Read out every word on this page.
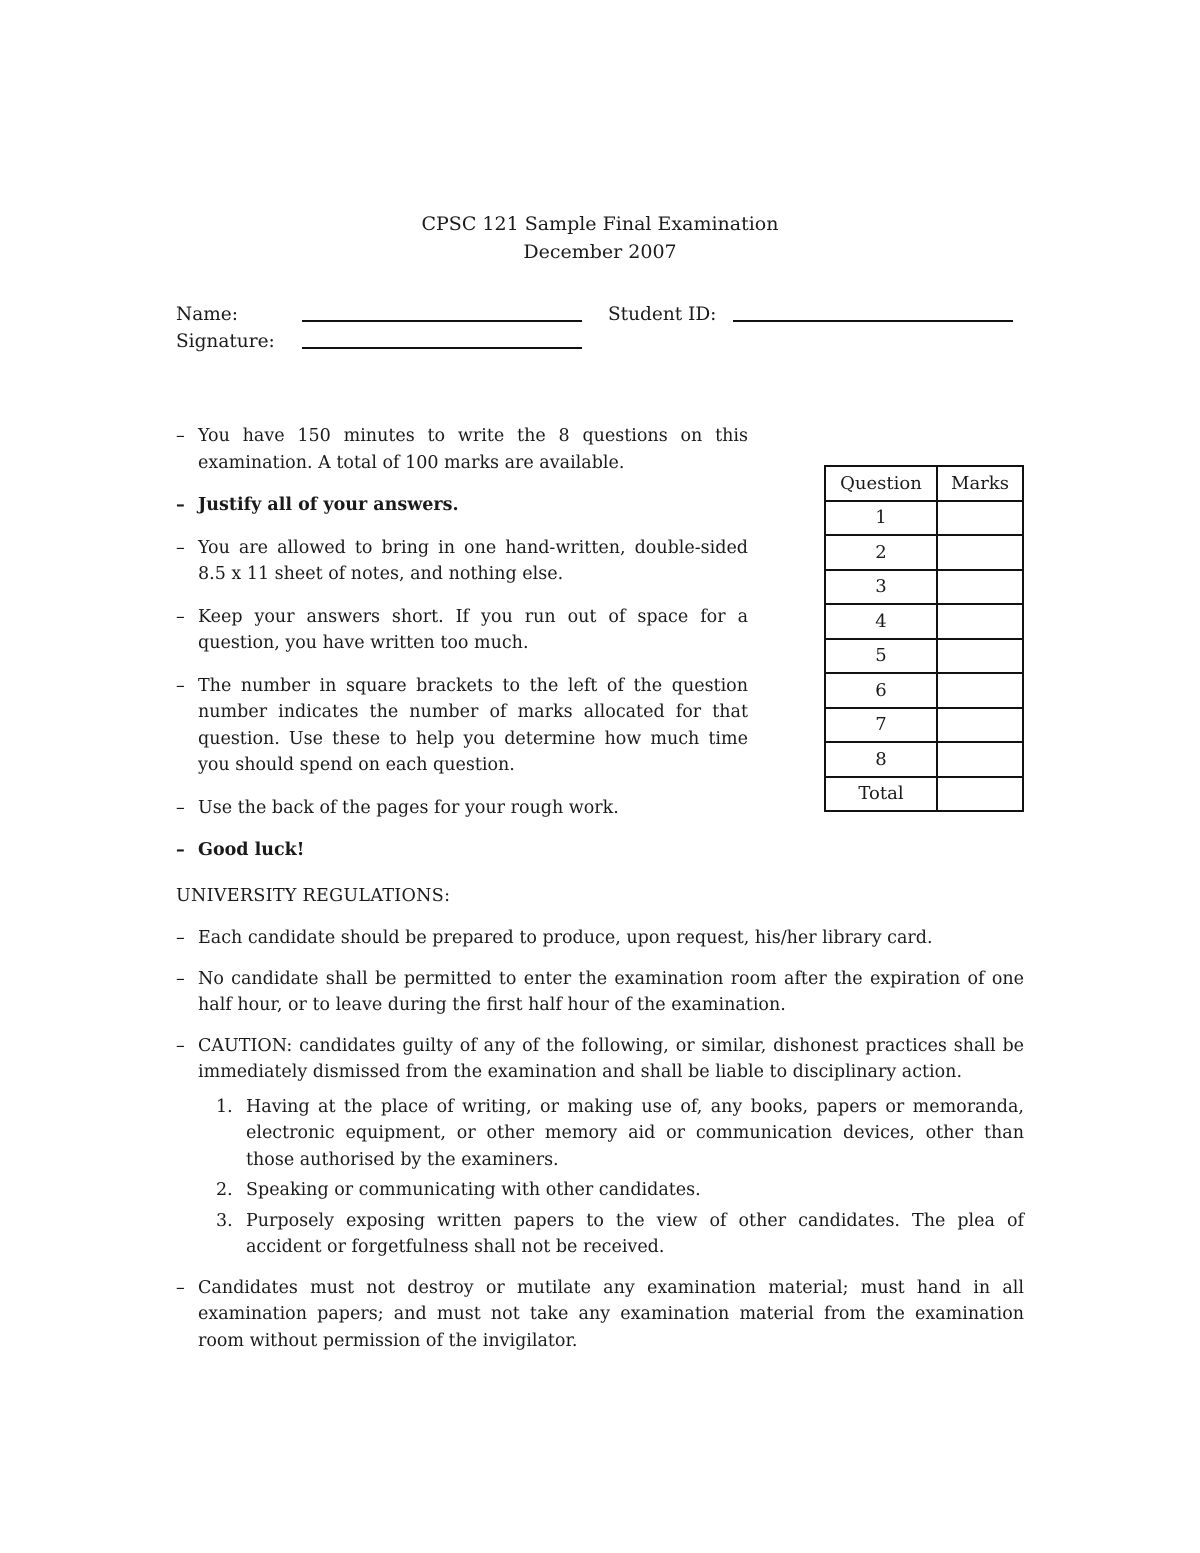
CPSC 121 Sample Final Examination
December 2007
Name:	Student ID:
Signature:
– You have 150 minutes to write the 8 questions on this examination. A total of 100 marks are available.
– Justify all of your answers.
– You are allowed to bring in one hand-written, double-sided 8.5 x 11 sheet of notes, and nothing else.
– Keep your answers short. If you run out of space for a question, you have written too much.
– The number in square brackets to the left of the question number indicates the number of marks allocated for that question. Use these to help you determine how much time you should spend on each question.
– Use the back of the pages for your rough work.
– Good luck!
Question	Marks
1	
2	
3	
4	
5	
6	
7	
8	
Total	
UNIVERSITY REGULATIONS:
– Each candidate should be prepared to produce, upon request, his/her library card.
– No candidate shall be permitted to enter the examination room after the expiration of one half hour, or to leave during the first half hour of the examination.
– CAUTION: candidates guilty of any of the following, or similar, dishonest practices shall be immediately dismissed from the examination and shall be liable to disciplinary action.
1. Having at the place of writing, or making use of, any books, papers or memoranda, electronic equipment, or other memory aid or communication devices, other than those authorised by the examiners.
2. Speaking or communicating with other candidates.
3. Purposely exposing written papers to the view of other candidates. The plea of accident or forgetfulness shall not be received.
– Candidates must not destroy or mutilate any examination material; must hand in all examination papers; and must not take any examination material from the examination room without permission of the invigilator.
